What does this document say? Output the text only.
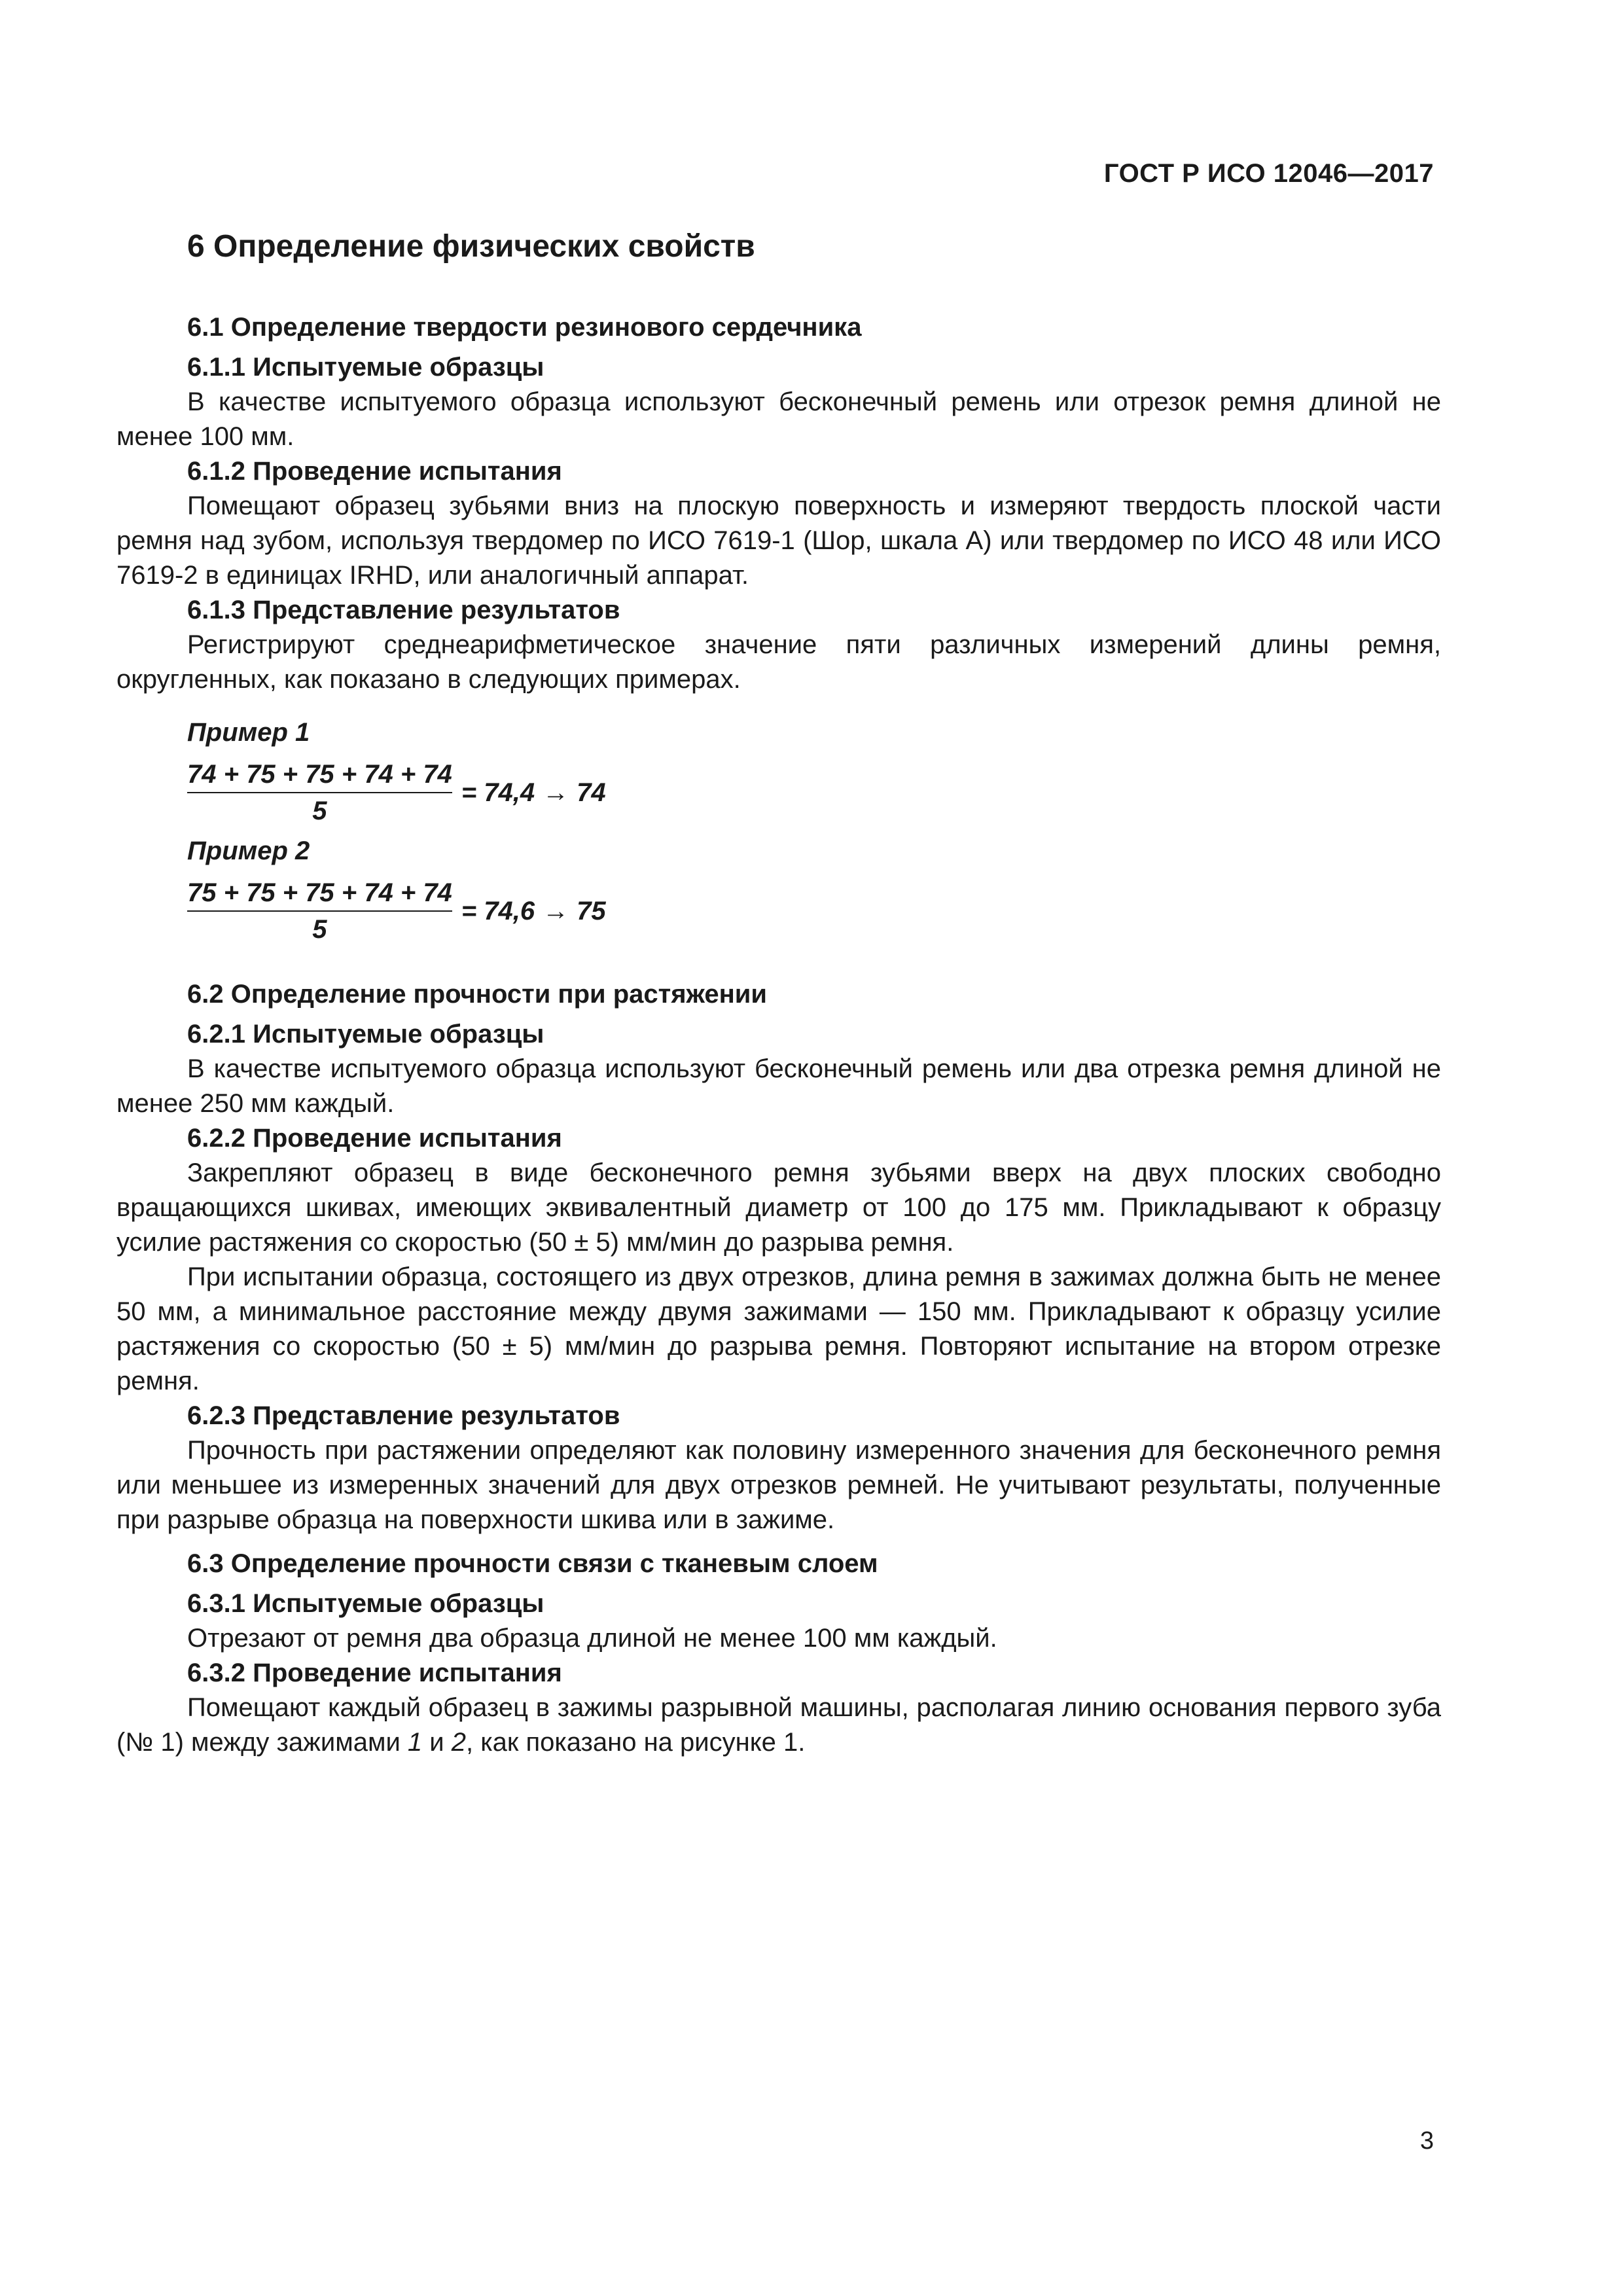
ГОСТ Р ИСО 12046—2017
6 Определение физических свойств
6.1 Определение твердости резинового сердечника
6.1.1 Испытуемые образцы

В качестве испытуемого образца используют бесконечный ремень или отрезок ремня длиной не менее 100 мм.

6.1.2 Проведение испытания

Помещают образец зубьями вниз на плоскую поверхность и измеряют твердость плоской части ремня над зубом, используя твердомер по ИСО 7619-1 (Шор, шкала А) или твердомер по ИСО 48 или ИСО 7619-2 в единицах IRHD, или аналогичный аппарат.

6.1.3 Представление результатов

Регистрируют среднеарифметическое значение пяти различных измерений длины ремня, округленных, как показано в следующих примерах.

Пример 1
$\frac{74 + 75 + 75 + 74 + 74}{5} = 74,4 \to 74$
Пример 2
$\frac{75 + 75 + 75 + 74 + 74}{5} = 74,6 \to 75$
6.2 Определение прочности при растяжении
6.2.1 Испытуемые образцы

В качестве испытуемого образца используют бесконечный ремень или два отрезка ремня длиной не менее 250 мм каждый.

6.2.2 Проведение испытания

Закрепляют образец в виде бесконечного ремня зубьями вверх на двух плоских свободно вращающихся шкивах, имеющих эквивалентный диаметр от 100 до 175 мм. Прикладывают к образцу усилие растяжения со скоростью (50 ± 5) мм/мин до разрыва ремня.

При испытании образца, состоящего из двух отрезков, длина ремня в зажимах должна быть не менее 50 мм, а минимальное расстояние между двумя зажимами — 150 мм. Прикладывают к образцу усилие растяжения со скоростью (50 ± 5) мм/мин до разрыва ремня. Повторяют испытание на втором отрезке ремня.

6.2.3 Представление результатов

Прочность при растяжении определяют как половину измеренного значения для бесконечного ремня или меньшее из измеренных значений для двух отрезков ремней. Не учитывают результаты, полученные при разрыве образца на поверхности шкива или в зажиме.

6.3 Определение прочности связи с тканевым слоем
6.3.1 Испытуемые образцы

Отрезают от ремня два образца длиной не менее 100 мм каждый.

6.3.2 Проведение испытания

Помещают каждый образец в зажимы разрывной машины, располагая линию основания первого зуба (№ 1) между зажимами 1 и 2, как показано на рисунке 1.

3
